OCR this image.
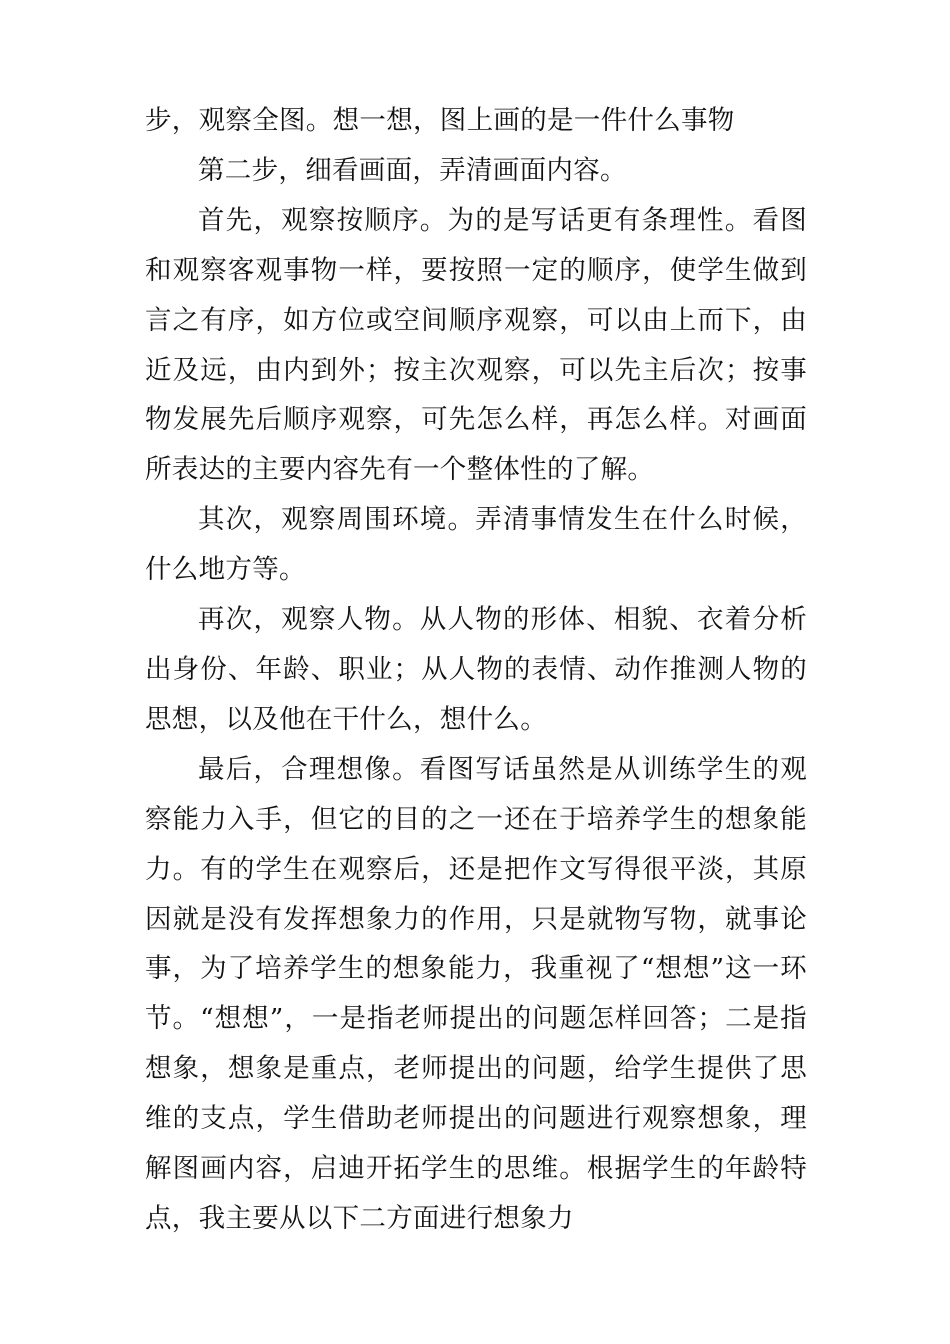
步，观察全图。想一想，图上画的是一件什么事物

第二步，细看画面，弄清画面内容。

首先，观察按顺序。为的是写话更有条理性。看图和观察客观事物一样，要按照一定的顺序，使学生做到言之有序，如方位或空间顺序观察，可以由上而下，由近及远，由内到外；按主次观察，可以先主后次；按事物发展先后顺序观察，可先怎么样，再怎么样。对画面所表达的主要内容先有一个整体性的了解。

其次，观察周围环境。弄清事情发生在什么时候，什么地方等。

再次，观察人物。从人物的形体、相貌、衣着分析出身份、年龄、职业；从人物的表情、动作推测人物的思想，以及他在干什么，想什么。

最后，合理想像。看图写话虽然是从训练学生的观察能力入手，但它的目的之一还在于培养学生的想象能力。有的学生在观察后，还是把作文写得很平淡，其原因就是没有发挥想象力的作用，只是就物写物，就事论事，为了培养学生的想象能力，我重视了“想想”这一环节。“想想”，一是指老师提出的问题怎样回答；二是指想象，想象是重点，老师提出的问题，给学生提供了思维的支点，学生借助老师提出的问题进行观察想象，理解图画内容，启迪开拓学生的思维。根据学生的年龄特点，我主要从以下二方面进行想象力
